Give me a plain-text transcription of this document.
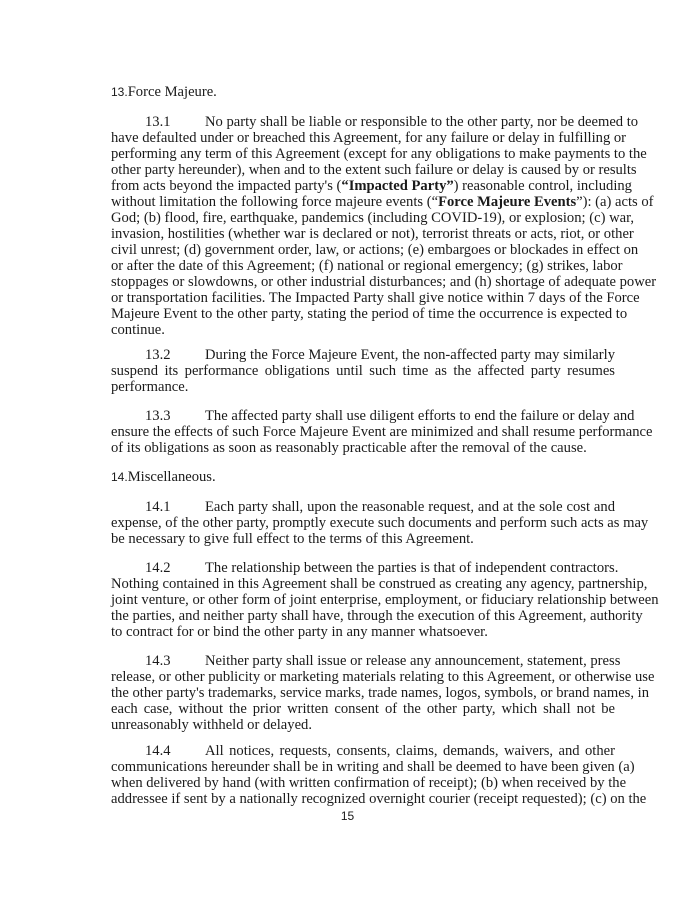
13.Force Majeure.
13.1 No party shall be liable or responsible to the other party, nor be deemed to
have defaulted under or breached this Agreement, for any failure or delay in fulfilling or
performing any term of this Agreement (except for any obligations to make payments to the
other party hereunder), when and to the extent such failure or delay is caused by or results
from acts beyond the impacted party's (“Impacted Party”) reasonable control, including
without limitation the following force majeure events (“Force Majeure Events”): (a) acts of
God; (b) flood, fire, earthquake, pandemics (including COVID-19), or explosion; (c) war,
invasion, hostilities (whether war is declared or not), terrorist threats or acts, riot, or other
civil unrest; (d) government order, law, or actions; (e) embargoes or blockades in effect on
or after the date of this Agreement; (f) national or regional emergency; (g) strikes, labor
stoppages or slowdowns, or other industrial disturbances; and (h) shortage of adequate power
or transportation facilities. The Impacted Party shall give notice within 7 days of the Force
Majeure Event to the other party, stating the period of time the occurrence is expected to
continue.
13.2 During the Force Majeure Event, the non-affected party may similarly
suspend its performance obligations until such time as the affected party resumes
performance.
13.3 The affected party shall use diligent efforts to end the failure or delay and
ensure the effects of such Force Majeure Event are minimized and shall resume performance
of its obligations as soon as reasonably practicable after the removal of the cause.
14.Miscellaneous.
14.1 Each party shall, upon the reasonable request, and at the sole cost and
expense, of the other party, promptly execute such documents and perform such acts as may
be necessary to give full effect to the terms of this Agreement.
14.2 The relationship between the parties is that of independent contractors.
Nothing contained in this Agreement shall be construed as creating any agency, partnership,
joint venture, or other form of joint enterprise, employment, or fiduciary relationship between
the parties, and neither party shall have, through the execution of this Agreement, authority
to contract for or bind the other party in any manner whatsoever.
14.3 Neither party shall issue or release any announcement, statement, press
release, or other publicity or marketing materials relating to this Agreement, or otherwise use
the other party's trademarks, service marks, trade names, logos, symbols, or brand names, in
each case, without the prior written consent of the other party, which shall not be
unreasonably withheld or delayed.
14.4 All notices, requests, consents, claims, demands, waivers, and other
communications hereunder shall be in writing and shall be deemed to have been given (a)
when delivered by hand (with written confirmation of receipt); (b) when received by the
addressee if sent by a nationally recognized overnight courier (receipt requested); (c) on the
15
